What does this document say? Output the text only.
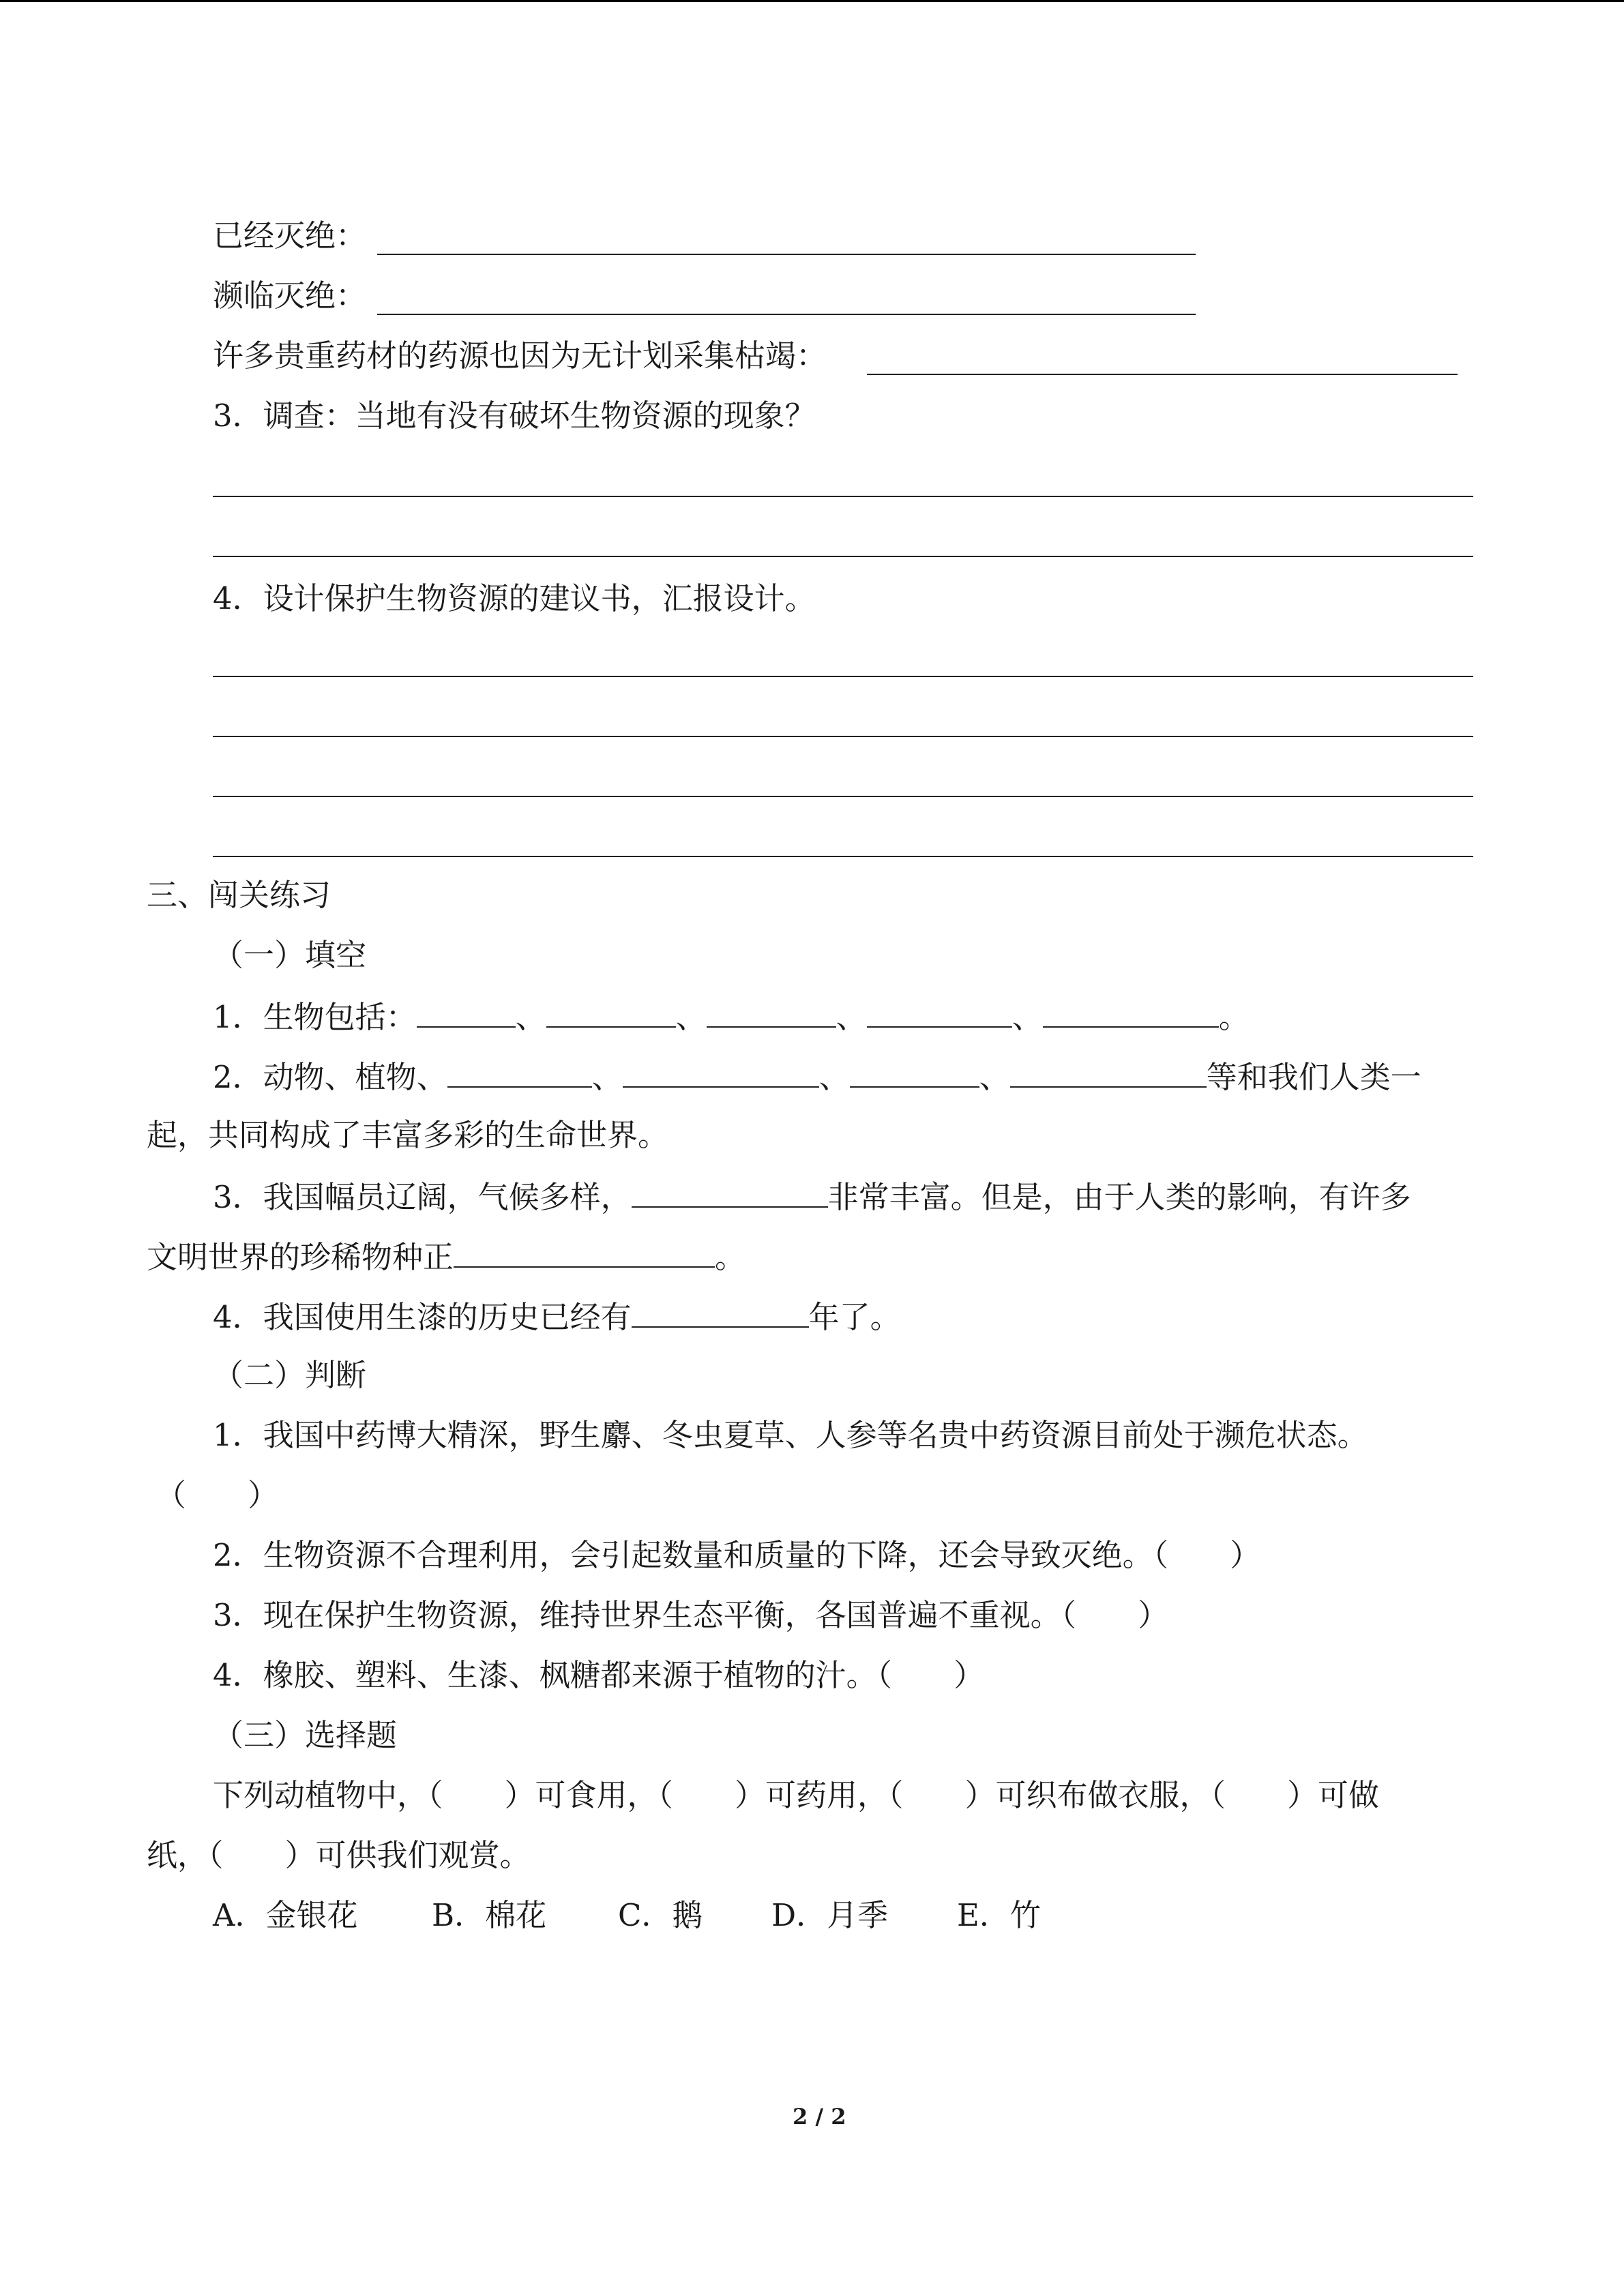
已经灭绝：
濒临灭绝：
许多贵重药材的药源也因为无计划采集枯竭：
3．调查：当地有没有破坏生物资源的现象？
4．设计保护生物资源的建议书，汇报设计。
三、闯关练习
（一）填空
1．生物包括：	、	、	、	、	。
2．动物、植物、	、	、	、	等和我们人类一
起，共同构成了丰富多彩的生命世界。
3．我国幅员辽阔，气候多样，	非常丰富。但是，由于人类的影响，有许多
文明世界的珍稀物种正	。
4．我国使用生漆的历史已经有	年了。
（二）判断
1．我国中药博大精深，野生麝、冬虫夏草、人参等名贵中药资源目前处于濒危状态。
（　　）
2．生物资源不合理利用，会引起数量和质量的下降，还会导致灭绝。（　　）
3．现在保护生物资源，维持世界生态平衡，各国普遍不重视。（　　）
4．橡胶、塑料、生漆、枫糖都来源于植物的汁。（　　）
（三）选择题
下列动植物中，（　　）可食用，（　　）可药用，（　　）可织布做衣服，（　　）可做
纸，（　　）可供我们观赏。
A．金银花 B．棉花 C．鹅 D．月季 E．竹
2 / 2
